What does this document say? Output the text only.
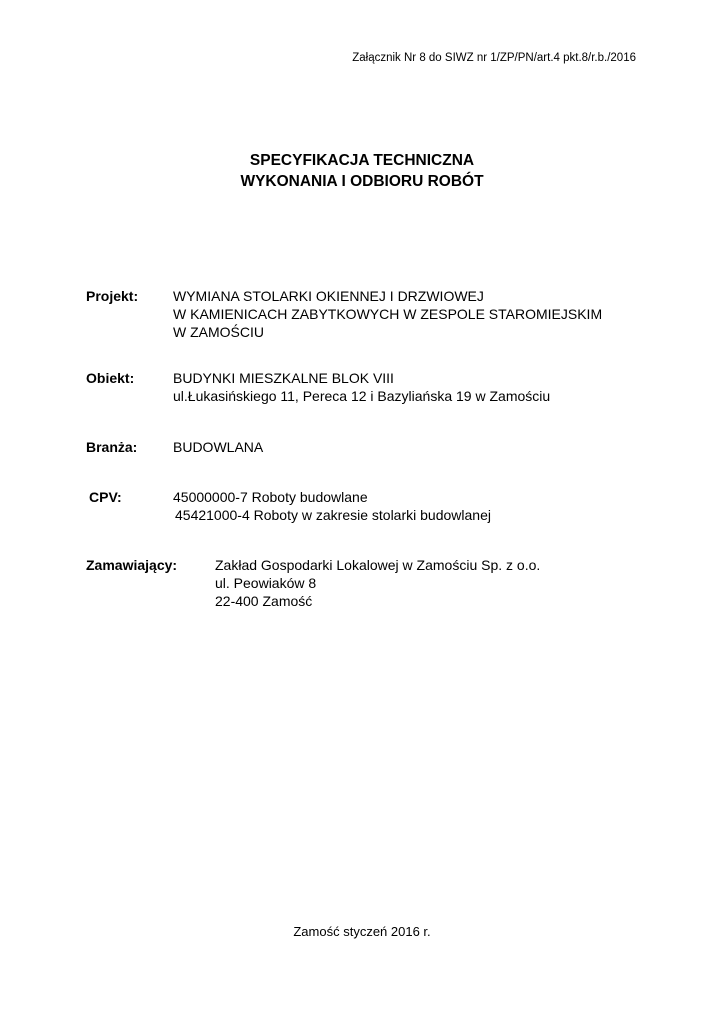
Załącznik Nr 8 do SIWZ nr 1/ZP/PN/art.4 pkt.8/r.b./2016
SPECYFIKACJA TECHNICZNA
WYKONANIA I ODBIORU ROBÓT
Projekt: WYMIANA STOLARKI OKIENNEJ I DRZWIOWEJ
W KAMIENICACH ZABYTKOWYCH W ZESPOLE STAROMIEJSKIM
W ZAMOŚCIU
Obiekt:	BUDYNKI MIESZKALNE BLOK VIII
ul.Łukasińskiego 11, Pereca 12 i Bazyliańska 19 w Zamościu
Branża:	BUDOWLANA
CPV:	45000000-7 Roboty budowlane
45421000-4 Roboty w zakresie stolarki budowlanej
Zamawiający:	Zakład Gospodarki Lokalowej w Zamościu Sp. z o.o.
ul. Peowiaków 8
22-400 Zamość
Zamość styczeń 2016 r.
